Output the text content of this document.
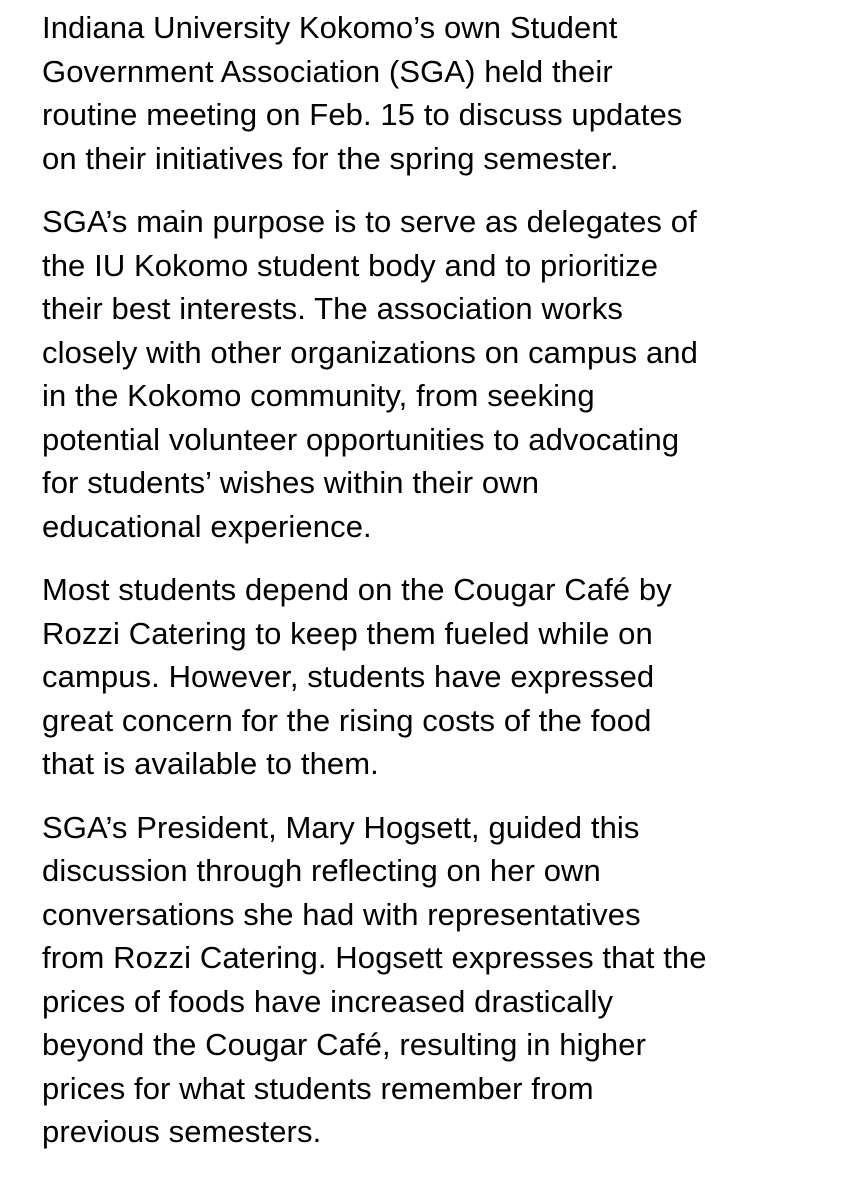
Indiana University Kokomo’s own Student
Government Association (SGA) held their
routine meeting on Feb. 15 to discuss updates
on their initiatives for the spring semester.

SGA’s main purpose is to serve as delegates of
the IU Kokomo student body and to prioritize
their best interests. The association works
closely with other organizations on campus and
in the Kokomo community, from seeking
potential volunteer opportunities to advocating
for students’ wishes within their own
educational experience.

Most students depend on the Cougar Café by
Rozzi Catering to keep them fueled while on
campus. However, students have expressed
great concern for the rising costs of the food
that is available to them.

SGA’s President, Mary Hogsett, guided this
discussion through reflecting on her own
conversations she had with representatives
from Rozzi Catering. Hogsett expresses that the
prices of foods have increased drastically
beyond the Cougar Café, resulting in higher
prices for what students remember from
previous semesters.
